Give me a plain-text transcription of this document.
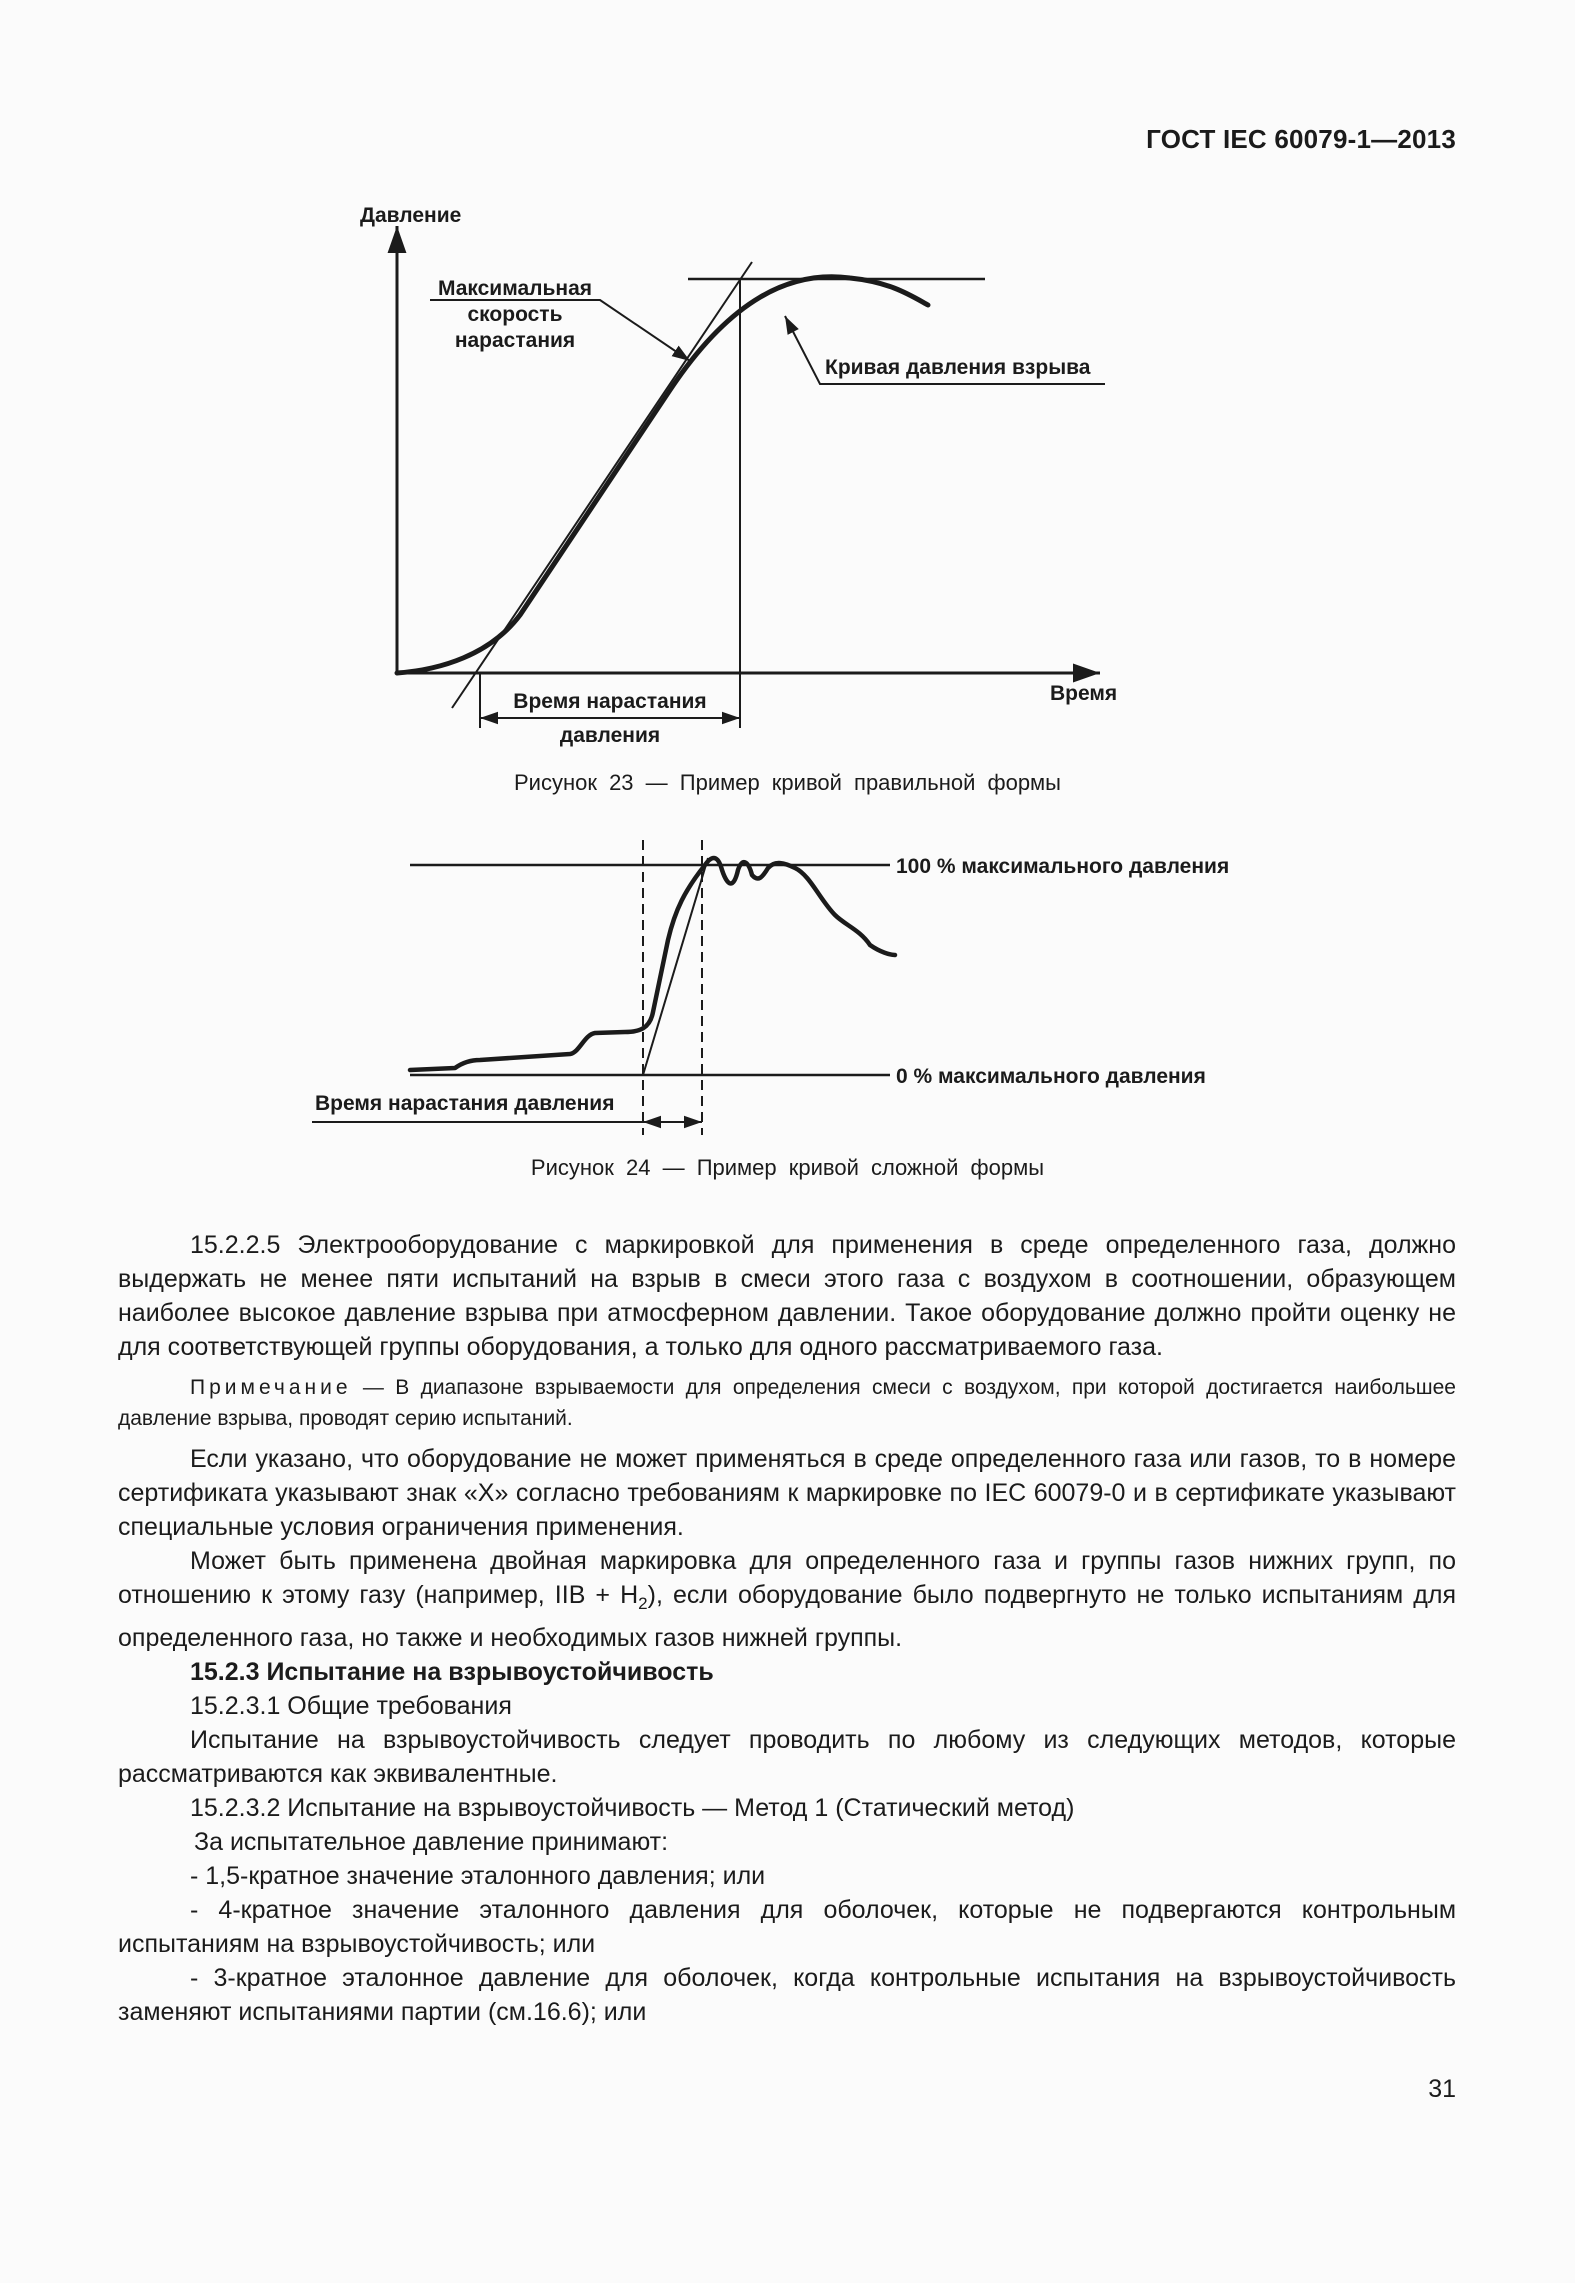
ГОСТ IEC 60079-1—2013
Давление
Время
Максимальная
скорость
нарастания
Кривая давления взрыва
Время нарастания
давления
Рисунок 23 — Пример кривой правильной формы
100 % максимального давления
0 % максимального давления
Время нарастания давления
Рисунок 24 — Пример кривой сложной формы

15.2.2.5 Электрооборудование с маркировкой для применения в среде определенного газа, должно выдержать не менее пяти испытаний на взрыв в смеси этого газа с воздухом в соотношении, образующем наиболее высокое давление взрыва при атмосферном давлении. Такое оборудование должно пройти оценку не для соответствующей группы оборудования, а только для одного рассматриваемого газа.

Примечание — В диапазоне взрываемости для определения смеси с воздухом, при которой достигается наибольшее давление взрыва, проводят серию испытаний.

Если указано, что оборудование не может применяться в среде определенного газа или газов, то в номере сертификата указывают знак «X» согласно требованиям к маркировке по IEC 60079-0 и в сертификате указывают специальные условия ограничения применения.

Может быть применена двойная маркировка для определенного газа и группы газов нижних групп, по отношению к этому газу (например, IIB + $H_2$), если оборудование было подвергнуто не только испытаниям для определенного газа, но также и необходимых газов нижней группы.

15.2.3 Испытание на взрывоустойчивость

15.2.3.1 Общие требования

Испытание на взрывоустойчивость следует проводить по любому из следующих методов, которые рассматриваются как эквивалентные.

15.2.3.2 Испытание на взрывоустойчивость — Метод 1 (Статический метод)

За испытательное давление принимают:

- 1,5-кратное значение эталонного давления; или

- 4-кратное значение эталонного давления для оболочек, которые не подвергаются контрольным испытаниям на взрывоустойчивость; или

- 3-кратное эталонное давление для оболочек, когда контрольные испытания на взрывоустойчивость заменяют испытаниями партии (см.16.6); или

31
